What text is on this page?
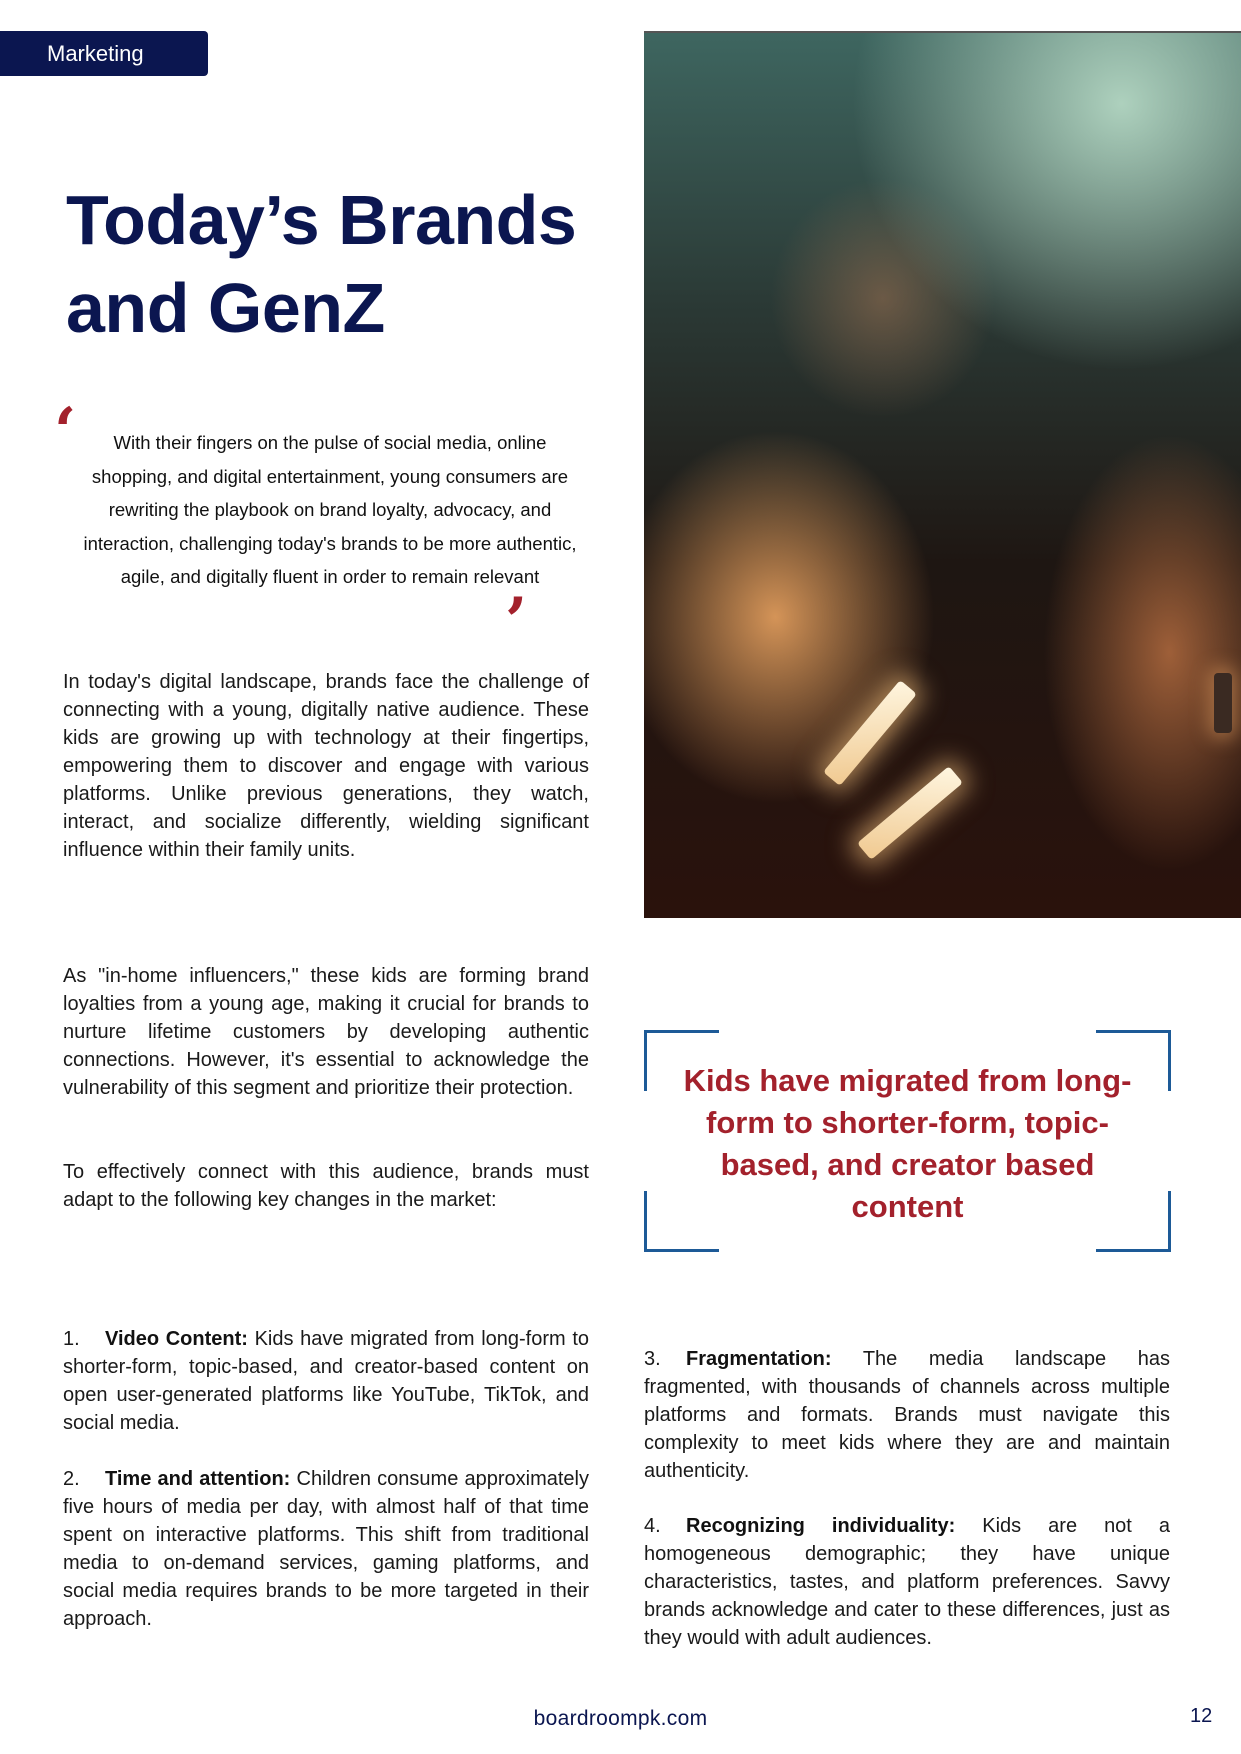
Marketing
Today’s Brands
and GenZ
‘	With their fingers on the pulse of social media, online shopping, and digital entertainment, young consumers are rewriting the playbook on brand loyalty, advocacy, and interaction, challenging today's brands to be more authentic, agile, and digitally fluent in order to remain relevant

’

In today's digital landscape, brands face the challenge of connecting with a young, digitally native audience. These kids are growing up with technology at their fingertips, empowering them to discover and engage with various platforms. Unlike previous generations, they watch, interact, and socialize differently, wielding significant influence within their family units.

As "in-home influencers," these kids are forming brand loyalties from a young age, making it crucial for brands to nurture lifetime customers by developing authentic connections. However, it's essential to acknowledge the vulnerability of this segment and prioritize their protection.

To effectively connect with this audience, brands must adapt to the following key changes in the market:

Kids have migrated from long-form to shorter-form, topic-based, and creator based content

1. Video Content: Kids have migrated from long-form to shorter-form, topic-based, and creator-based content on open user-generated platforms like YouTube, TikTok, and social media.

2. Time and attention: Children consume approximately five hours of media per day, with almost half of that time spent on interactive platforms. This shift from traditional media to on-demand services, gaming platforms, and social media requires brands to be more targeted in their approach.

3. Fragmentation: The media landscape has fragmented, with thousands of channels across multiple platforms and formats. Brands must navigate this complexity to meet kids where they are and maintain authenticity.

4. Recognizing individuality: Kids are not a homogeneous demographic; they have unique characteristics, tastes, and platform preferences. Savvy brands acknowledge and cater to these differences, just as they would with adult audiences.

boardroompk.com	12
